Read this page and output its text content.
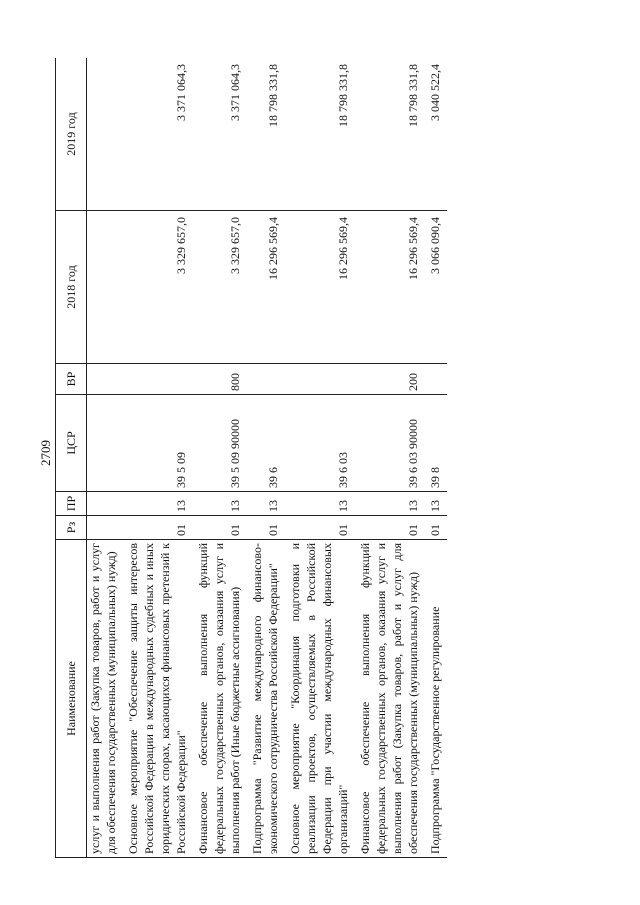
2709
Наименование	Рз	ПР	ЦСР	ВР	2018 год	2019 год
услуг и выполнения работ (Закупка товаров, работ и услуг для обеспечения государственных (муниципальных) нужд)						
Основное мероприятие "Обеспечение защиты интересов Российской Федерации в международных судебных и иных юридических спорах, касающихся финансовых претензий к Российской Федерации"	01	13	39 5 09		3 329 657,0	3 371 064,3
Финансовое обеспечение выполнения функций федеральных государственных органов, оказания услуг и выполнения работ (Иные бюджетные ассигнования)	01	13	39 5 09 90000	800	3 329 657,0	3 371 064,3
Подпрограмма "Развитие международного финансово-экономического сотрудничества Российской Федерации"	01	13	39 6		16 296 569,4	18 798 331,8
Основное мероприятие "Координация подготовки и реализации проектов, осуществляемых в Российской Федерации при участии международных финансовых организаций"	01	13	39 6 03		16 296 569,4	18 798 331,8
Финансовое обеспечение выполнения функций федеральных государственных органов, оказания услуг и выполнения работ (Закупка товаров, работ и услуг для обеспечения государственных (муниципальных) нужд)	01	13	39 6 03 90000	200	16 296 569,4	18 798 331,8
Подпрограмма "Государственное регулирование	01	13	39 8		3 066 090,4	3 040 522,4
